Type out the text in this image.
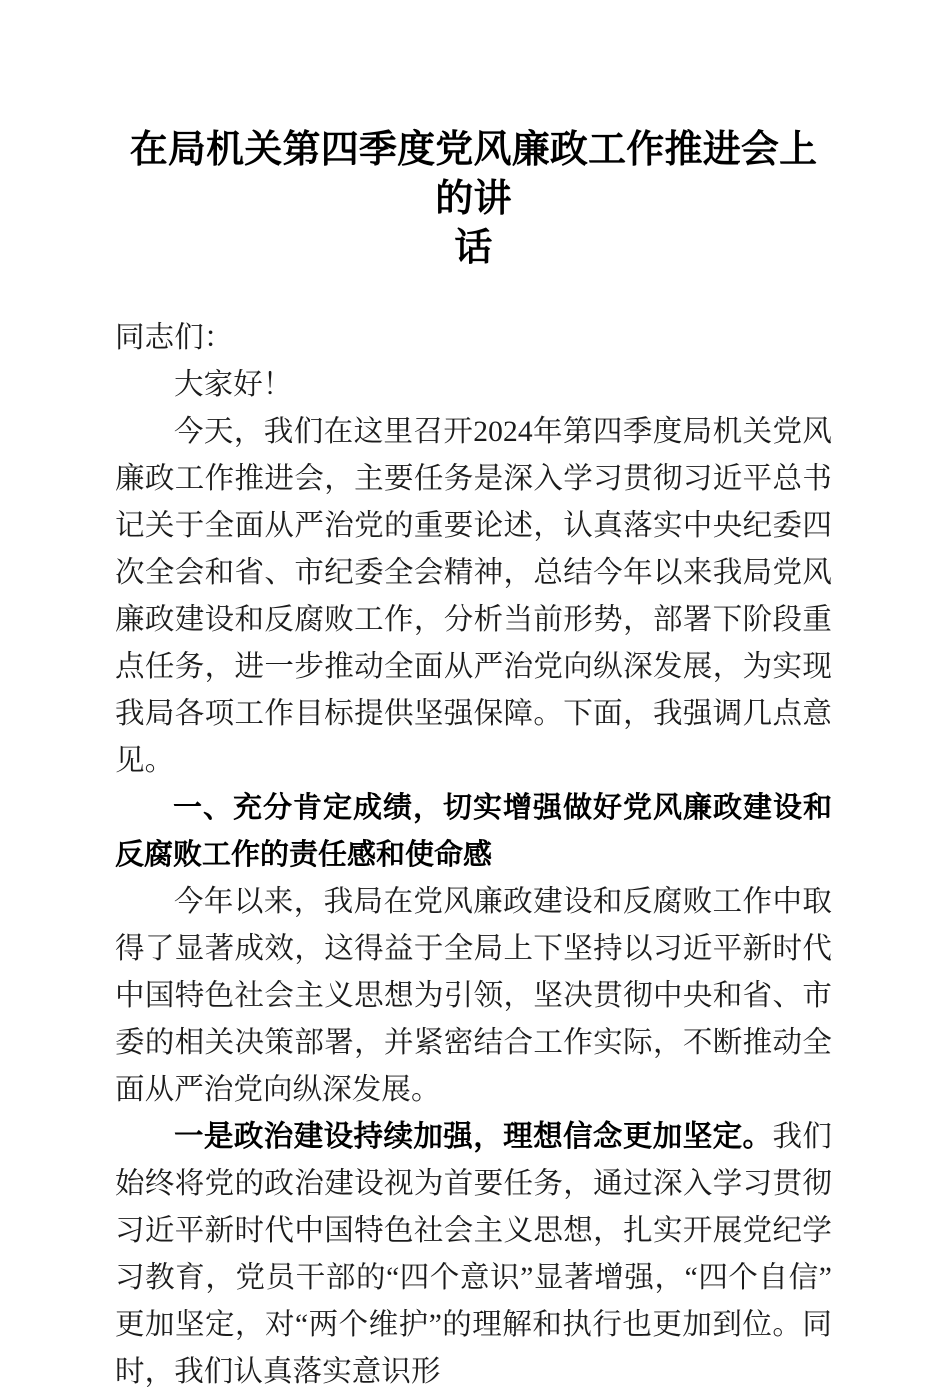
在局机关第四季度党风廉政工作推进会上的讲
话

同志们：

大家好！

今天，我们在这里召开2024年第四季度局机关党风廉政工作推进会，主要任务是深入学习贯彻习近平总书记关于全面从严治党的重要论述，认真落实中央纪委四次全会和省、市纪委全会精神，总结今年以来我局党风廉政建设和反腐败工作，分析当前形势，部署下阶段重点任务，进一步推动全面从严治党向纵深发展，为实现我局各项工作目标提供坚强保障。下面，我强调几点意见。

一、充分肯定成绩，切实增强做好党风廉政建设和反腐败工作的责任感和使命感

今年以来，我局在党风廉政建设和反腐败工作中取得了显著成效，这得益于全局上下坚持以习近平新时代中国特色社会主义思想为引领，坚决贯彻中央和省、市委的相关决策部署，并紧密结合工作实际，不断推动全面从严治党向纵深发展。

一是政治建设持续加强，理想信念更加坚定。我们始终将党的政治建设视为首要任务，通过深入学习贯彻习近平新时代中国特色社会主义思想，扎实开展党纪学习教育，党员干部的“四个意识”显著增强，“四个自信”更加坚定，对“两个维护”的理解和执行也更加到位。同时，我们认真落实意识形
